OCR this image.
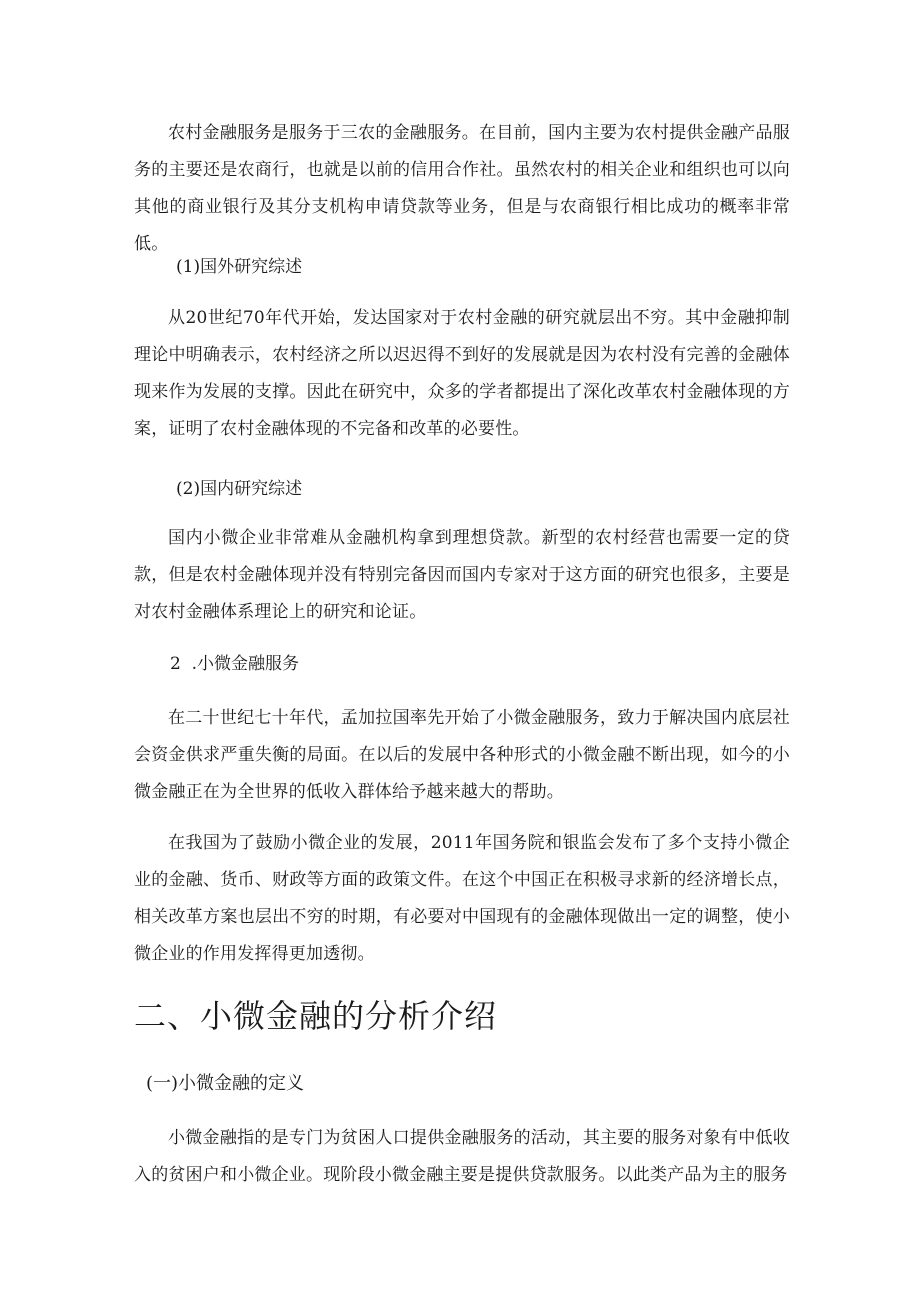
农村金融服务是服务于三农的金融服务。在目前，国内主要为农村提供金融产品服务的主要还是农商行，也就是以前的信用合作社。虽然农村的相关企业和组织也可以向其他的商业银行及其分支机构申请贷款等业务，但是与农商银行相比成功的概率非常低。

(1)国外研究综述

从20世纪70年代开始，发达国家对于农村金融的研究就层出不穷。其中金融抑制理论中明确表示，农村经济之所以迟迟得不到好的发展就是因为农村没有完善的金融体现来作为发展的支撑。因此在研究中，众多的学者都提出了深化改革农村金融体现的方案，证明了农村金融体现的不完备和改革的必要性。

(2)国内研究综述

国内小微企业非常难从金融机构拿到理想贷款。新型的农村经营也需要一定的贷款，但是农村金融体现并没有特别完备因而国内专家对于这方面的研究也很多，主要是对农村金融体系理论上的研究和论证。

2  .小微金融服务

在二十世纪七十年代，孟加拉国率先开始了小微金融服务，致力于解决国内底层社会资金供求严重失衡的局面。在以后的发展中各种形式的小微金融不断出现，如今的小微金融正在为全世界的低收入群体给予越来越大的帮助。

在我国为了鼓励小微企业的发展，2011年国务院和银监会发布了多个支持小微企业的金融、货币、财政等方面的政策文件。在这个中国正在积极寻求新的经济增长点，相关改革方案也层出不穷的时期，有必要对中国现有的金融体现做出一定的调整，使小微企业的作用发挥得更加透彻。

二、小微金融的分析介绍
(一)小微金融的定义

小微金融指的是专门为贫困人口提供金融服务的活动，其主要的服务对象有中低收入的贫困户和小微企业。现阶段小微金融主要是提供贷款服务。以此类产品为主的服务
